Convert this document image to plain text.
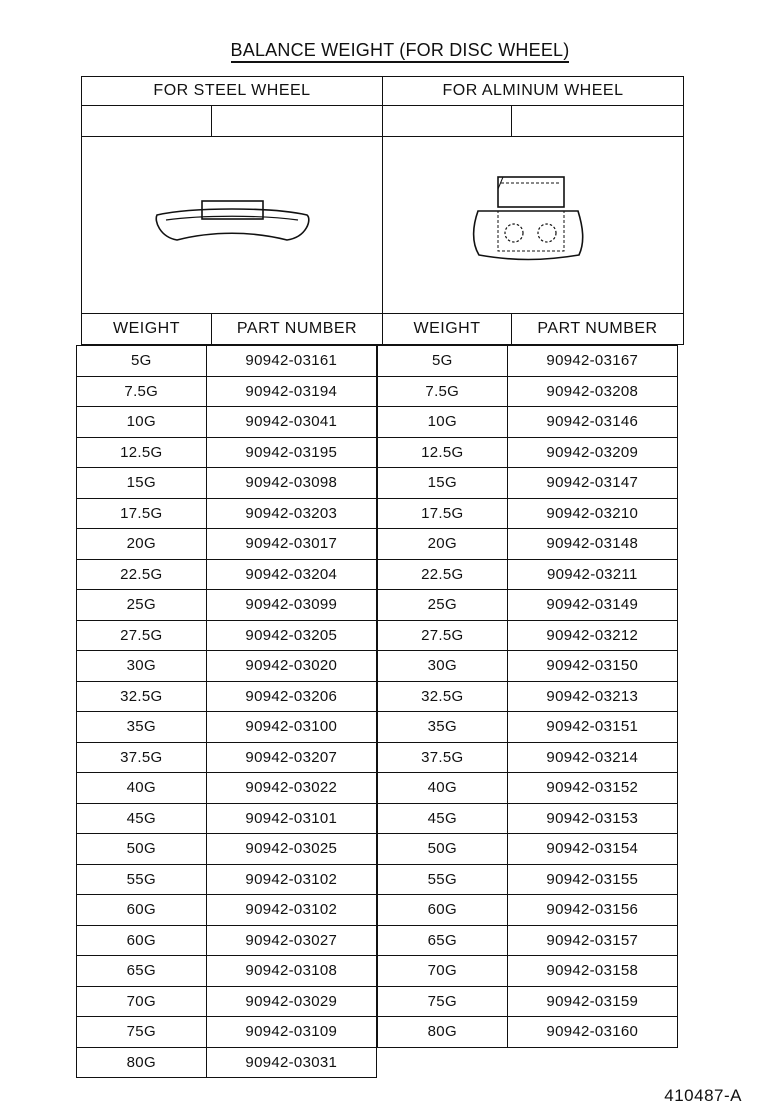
BALANCE WEIGHT (FOR DISC WHEEL)
FOR STEEL WHEEL
WEIGHT	PART NUMBER
FOR ALMINUM WHEEL
WEIGHT	PART NUMBER
5G	90942-03161
7.5G	90942-03194
10G	90942-03041
12.5G	90942-03195
15G	90942-03098
17.5G	90942-03203
20G	90942-03017
22.5G	90942-03204
25G	90942-03099
27.5G	90942-03205
30G	90942-03020
32.5G	90942-03206
35G	90942-03100
37.5G	90942-03207
40G	90942-03022
45G	90942-03101
50G	90942-03025
55G	90942-03102
60G	90942-03102
60G	90942-03027
65G	90942-03108
70G	90942-03029
75G	90942-03109
80G	90942-03031
5G	90942-03167
7.5G	90942-03208
10G	90942-03146
12.5G	90942-03209
15G	90942-03147
17.5G	90942-03210
20G	90942-03148
22.5G	90942-03211
25G	90942-03149
27.5G	90942-03212
30G	90942-03150
32.5G	90942-03213
35G	90942-03151
37.5G	90942-03214
40G	90942-03152
45G	90942-03153
50G	90942-03154
55G	90942-03155
60G	90942-03156
65G	90942-03157
70G	90942-03158
75G	90942-03159
80G	90942-03160
410487-A
